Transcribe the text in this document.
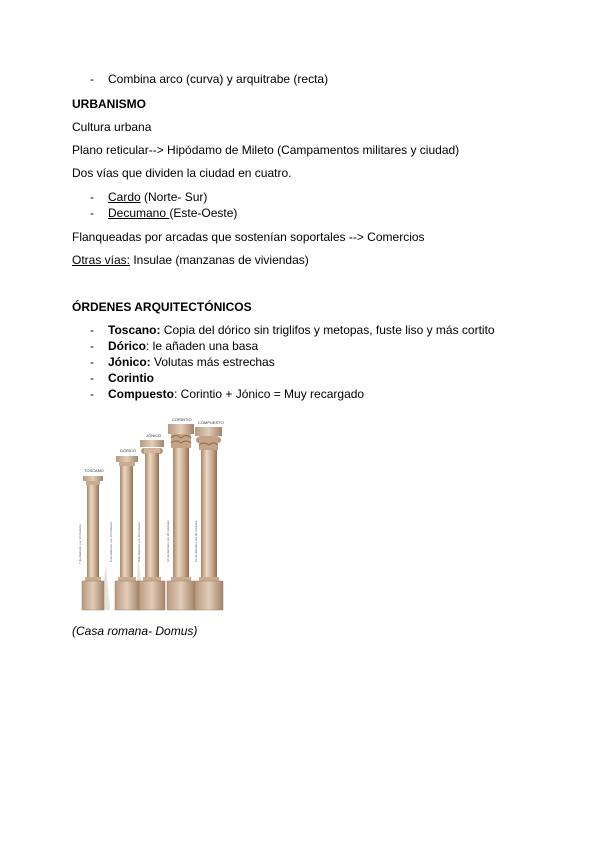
- Combina arco (curva) y arquitrabe (recta)
URBANISMO
Cultura urbana
Plano reticular--> Hipódamo de Mileto (Campamentos militares y ciudad)
Dos vías que dividen la ciudad en cuatro.
- Cardo (Norte- Sur)
- Decumano (Este-Oeste)
Flanqueadas por arcadas que sostenían soportales --> Comercios
Otras vías: Insulae (manzanas de viviendas)
ÓRDENES ARQUITECTÓNICOS
- Toscano: Copia del dórico sin triglifos y metopas, fuste liso y más cortito
- Dórico: le añaden una basa
- Jónico: Volutas más estrechas
- Corintio
- Compuesto: Corintio + Jónico = Muy recargado
TOSCANO
7 de diámetro por 14 módulos
DÓRICO
8 de diámetro por 16 módulos
JÓNICO
9 de diámetro por 18 módulos
CORINTIO
10 de diámetro por 20 módulos
COMPUESTO
10 de diámetro por 20 módulos
(Casa romana- Domus)
